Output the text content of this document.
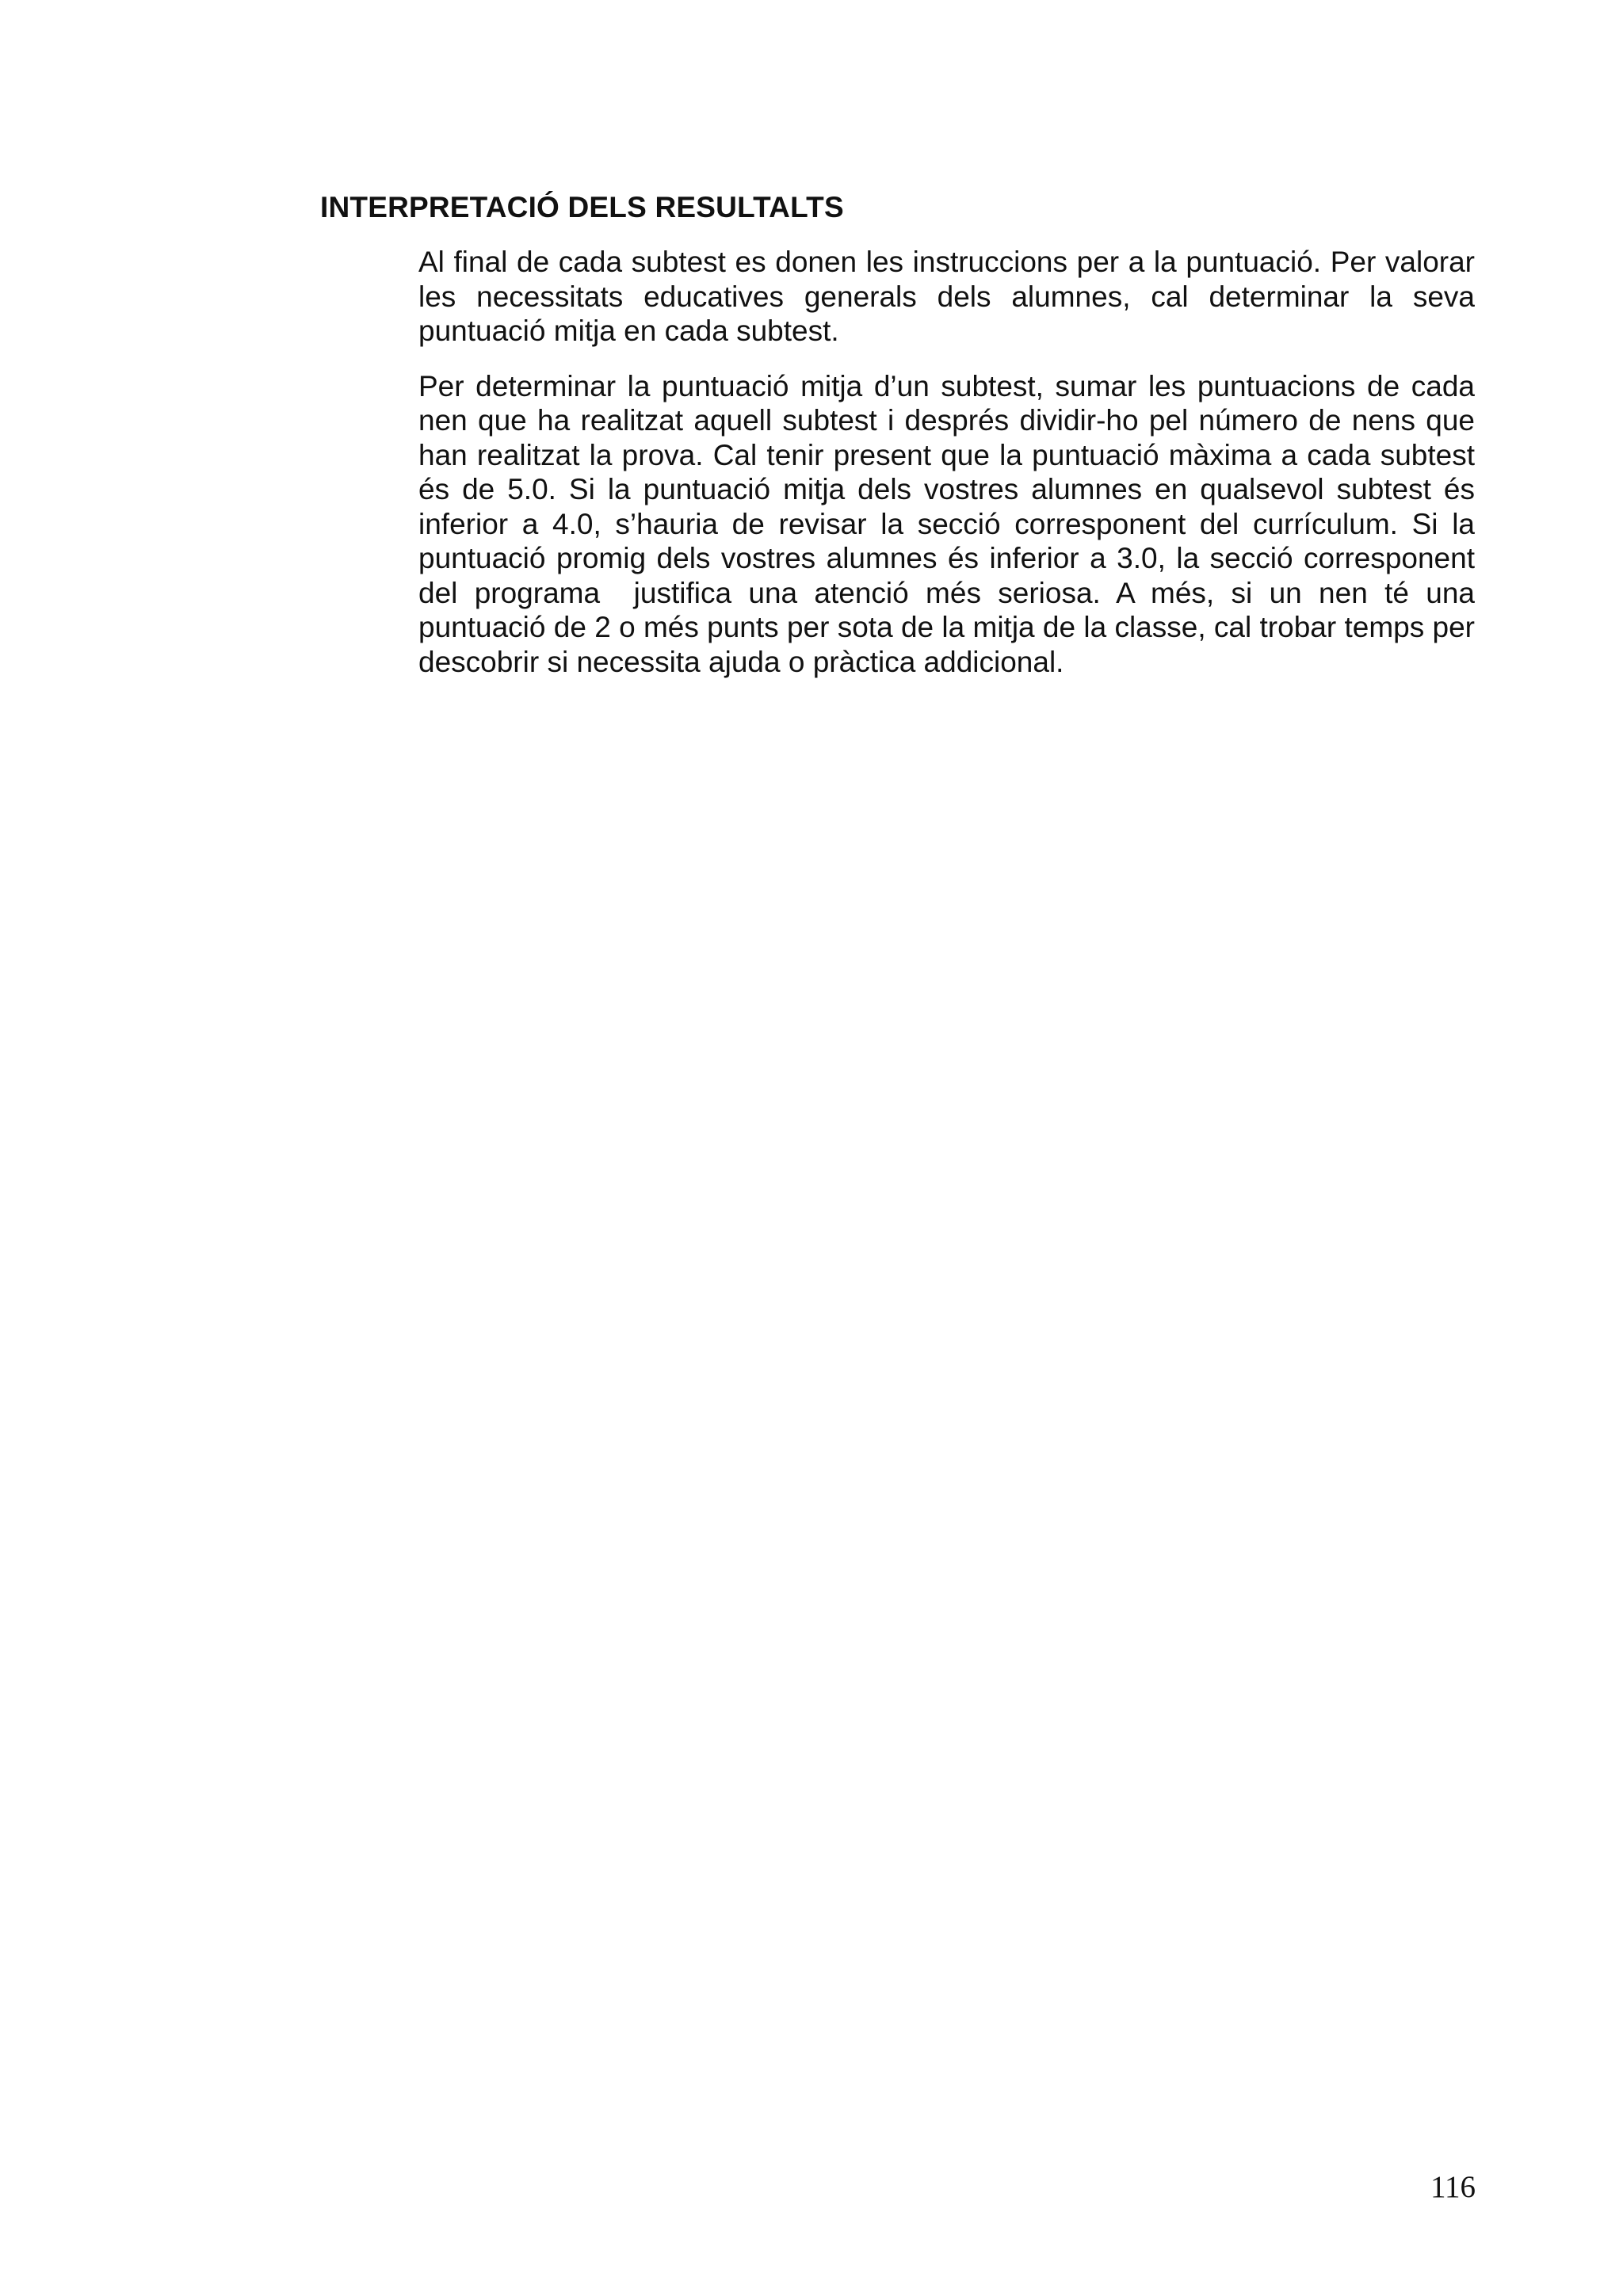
INTERPRETACIÓ DELS RESULTALTS

Al final de cada subtest es donen les instruccions per a la puntuació. Per valorar les necessitats educatives generals dels alumnes, cal determinar la seva puntuació mitja en cada subtest.

Per determinar la puntuació mitja d’un subtest, sumar les puntuacions de cada nen que ha realitzat aquell subtest i després dividir-ho pel número de nens que han realitzat la prova. Cal tenir present que la puntuació màxima a cada subtest és de 5.0. Si la puntuació mitja dels vostres alumnes en qualsevol subtest és inferior a 4.0, s’hauria de revisar la secció corresponent del currículum. Si la puntuació promig dels vostres alumnes és inferior a 3.0, la secció corresponent del programa  justifica una atenció més seriosa. A més, si un nen té una puntuació de 2 o més punts per sota de la mitja de la classe, cal trobar temps per descobrir si necessita ajuda o pràctica addicional.

116
